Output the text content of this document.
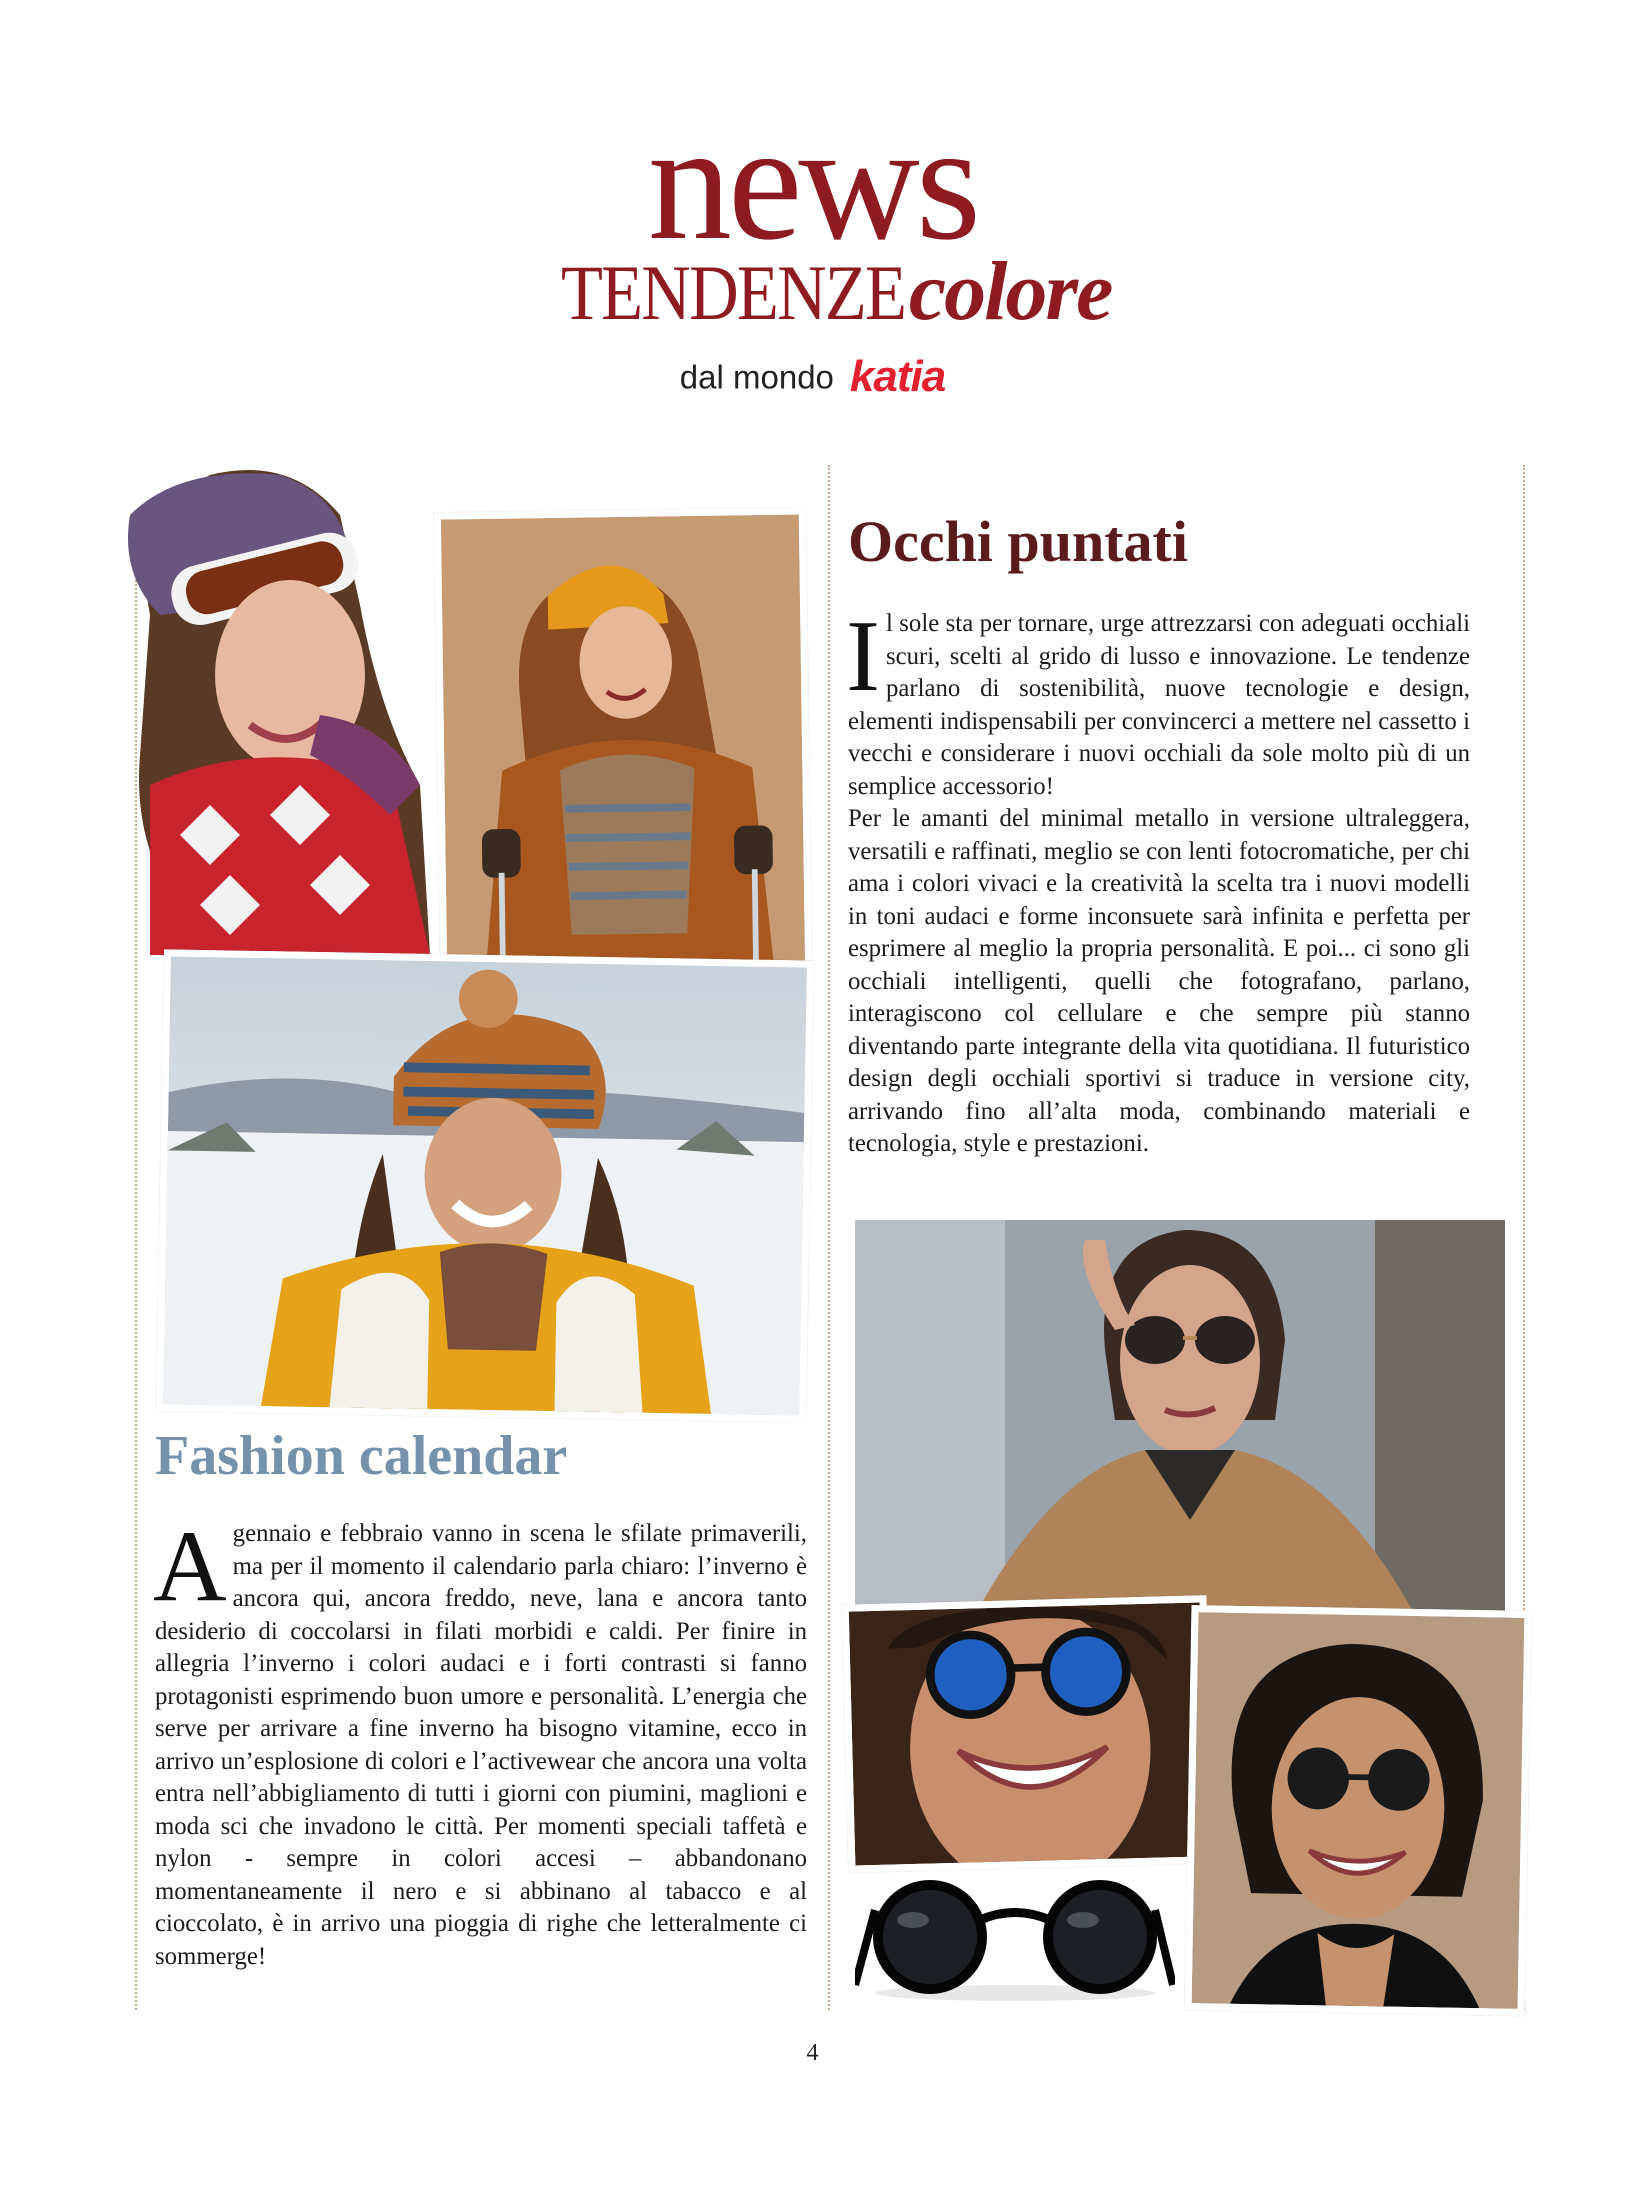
news
TENDENZE colore
dal mondo katia
Occhi puntati

Il sole sta per tornare, urge attrezzarsi con adeguati occhiali scuri, scelti al grido di lusso e innovazione. Le tendenze parlano di sostenibilità, nuove tecnologie e design, elementi indispensabili per convincerci a mettere nel cassetto i vecchi e considerare i nuovi occhiali da sole molto più di un semplice accessorio!

Per le amanti del minimal metallo in versione ultraleggera, versatili e raffinati, meglio se con lenti fotocromatiche, per chi ama i colori vivaci e la creatività la scelta tra i nuovi modelli in toni audaci e forme inconsuete sarà infinita e perfetta per esprimere al meglio la propria personalità. E poi... ci sono gli occhiali intelligenti, quelli che fotografano, parlano, interagiscono col cellulare e che sempre più stanno diventando parte integrante della vita quotidiana. Il futuristico design degli occhiali sportivi si traduce in versione city, arrivando fino all’alta moda, combinando materiali e tecnologia, style e prestazioni.

Fashion calendar

A gennaio e febbraio vanno in scena le sfilate primaverili, ma per il momento il calendario parla chiaro: l’inverno è ancora qui, ancora freddo, neve, lana e ancora tanto desiderio di coccolarsi in filati morbidi e caldi. Per finire in allegria l’inverno i colori audaci e i forti contrasti si fanno protagonisti esprimendo buon umore e personalità. L’energia che serve per arrivare a fine inverno ha bisogno vitamine, ecco in arrivo un’esplosione di colori e l’activewear che ancora una volta entra nell’abbigliamento di tutti i giorni con piumini, maglioni e moda sci che invadono le città. Per momenti speciali taffetà e nylon - sempre in colori accesi – abbandonano momentaneamente il nero e si abbinano al tabacco e al cioccolato, è in arrivo una pioggia di righe che letteralmente ci sommerge!

4
